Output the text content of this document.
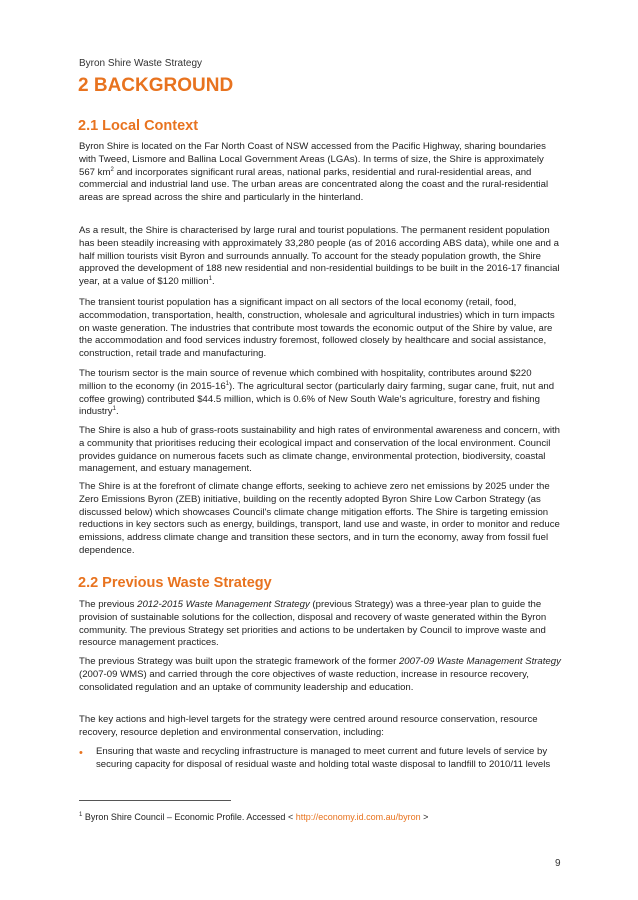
Byron Shire Waste Strategy
2 BACKGROUND
2.1 Local Context

Byron Shire is located on the Far North Coast of NSW accessed from the Pacific Highway, sharing boundaries with Tweed, Lismore and Ballina Local Government Areas (LGAs). In terms of size, the Shire is approximately 567 $km^2$ and incorporates significant rural areas, national parks, residential and rural-residential areas, and commercial and industrial land use. The urban areas are concentrated along the coast and the rural-residential areas are spread across the shire and particularly in the hinterland.

As a result, the Shire is characterised by large rural and tourist populations. The permanent resident population has been steadily increasing with approximately 33,280 people (as of 2016 according ABS data), while one and a half million tourists visit Byron and surrounds annually. To account for the steady population growth, the Shire approved the development of 188 new residential and non-residential buildings to be built in the 2016-17 financial year, at a value of $120 million$^1$.

The transient tourist population has a significant impact on all sectors of the local economy (retail, food, accommodation, transportation, health, construction, wholesale and agricultural industries) which in turn impacts on waste generation. The industries that contribute most towards the economic output of the Shire by value, are the accommodation and food services industry foremost, followed closely by healthcare and social assistance, construction, retail trade and manufacturing.

The tourism sector is the main source of revenue which combined with hospitality, contributes around $220 million to the economy (in $2015-16^1$). The agricultural sector (particularly dairy farming, sugar cane, fruit, nut and coffee growing) contributed $44.5 million, which is 0.6% of New South Wale's agriculture, forestry and fishing industry$^1$.

The Shire is also a hub of grass-roots sustainability and high rates of environmental awareness and concern, with a community that prioritises reducing their ecological impact and conservation of the local environment. Council provides guidance on numerous facets such as climate change, environmental protection, biodiversity, coastal management, and estuary management.

The Shire is at the forefront of climate change efforts, seeking to achieve zero net emissions by 2025 under the Zero Emissions Byron (ZEB) initiative, building on the recently adopted Byron Shire Low Carbon Strategy (as discussed below) which showcases Council's climate change mitigation efforts. The Shire is targeting emission reductions in key sectors such as energy, buildings, transport, land use and waste, in order to monitor and reduce emissions, address climate change and transition these sectors, and in turn the economy, away from fossil fuel dependence.

2.2 Previous Waste Strategy

The previous 2012-2015 Waste Management Strategy (previous Strategy) was a three-year plan to guide the provision of sustainable solutions for the collection, disposal and recovery of waste generated within the Byron community. The previous Strategy set priorities and actions to be undertaken by Council to improve waste and resource management practices.

The previous Strategy was built upon the strategic framework of the former 2007-09 Waste Management Strategy (2007-09 WMS) and carried through the core objectives of waste reduction, increase in resource recovery, consolidated regulation and an uptake of community leadership and education.

The key actions and high-level targets for the strategy were centred around resource conservation, resource recovery, resource depletion and environmental conservation, including:

• Ensuring that waste and recycling infrastructure is managed to meet current and future levels of service by securing capacity for disposal of residual waste and holding total waste disposal to landfill to 2010/11 levels

$^1$ Byron Shire Council – Economic Profile. Accessed < http://economy.id.com.au/byron >
9
